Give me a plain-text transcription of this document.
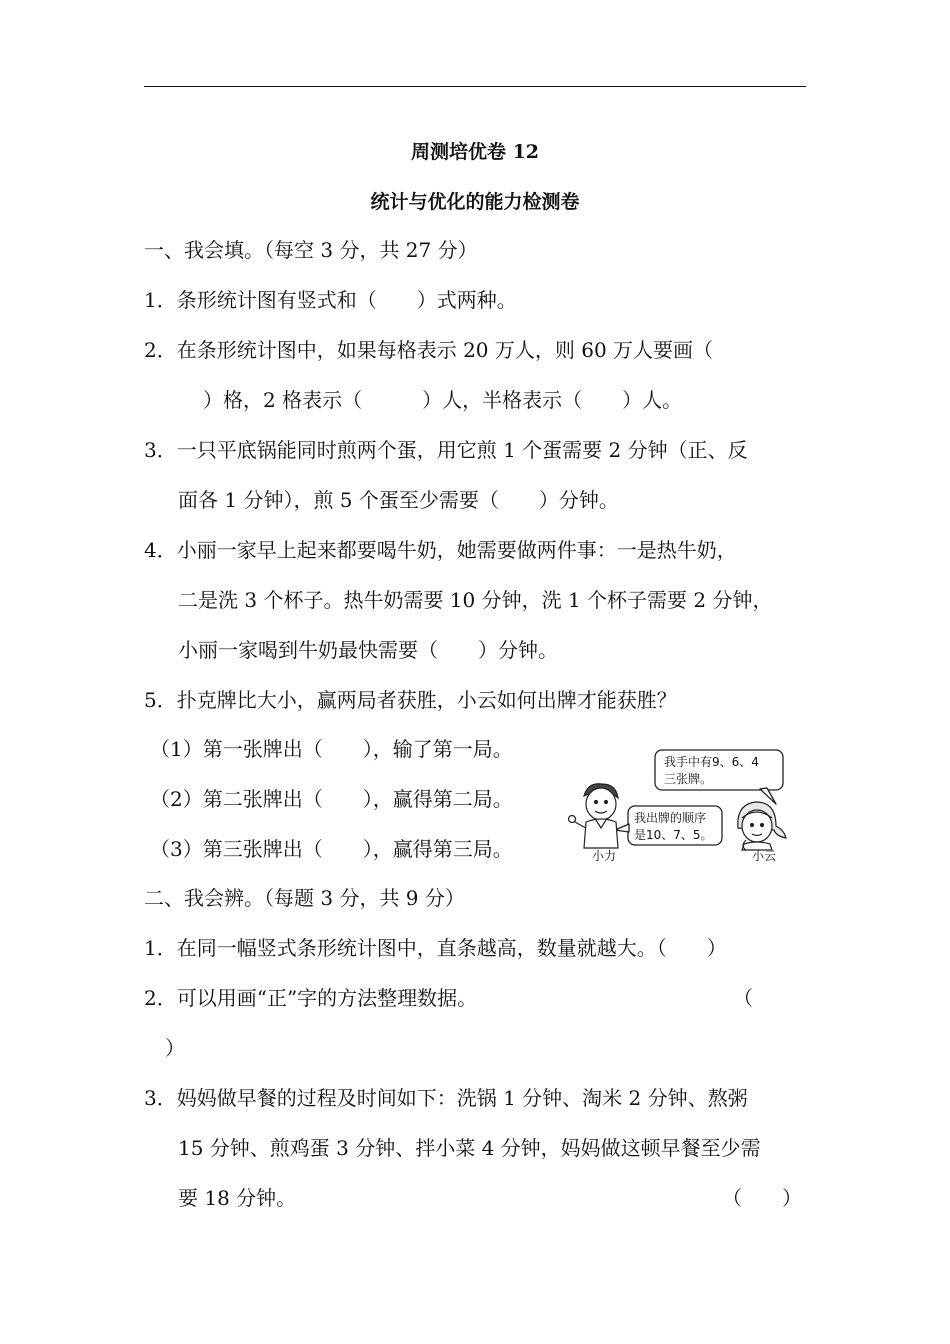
周测培优卷 12
统计与优化的能力检测卷
一、我会填。（每空 3 分，共 27 分）
1．条形统计图有竖式和（　　）式两种。
2．在条形统计图中，如果每格表示 20 万人，则 60 万人要画（
）格，2 格表示（　　　）人，半格表示（　　）人。
3．一只平底锅能同时煎两个蛋，用它煎 1 个蛋需要 2 分钟（正、反
面各 1 分钟），煎 5 个蛋至少需要（　　）分钟。
4．小丽一家早上起来都要喝牛奶，她需要做两件事：一是热牛奶，
二是洗 3 个杯子。热牛奶需要 10 分钟，洗 1 个杯子需要 2 分钟，
小丽一家喝到牛奶最快需要（　　）分钟。
5．扑克牌比大小，赢两局者获胜，小云如何出牌才能获胜？
（1）第一张牌出（　　），输了第一局。
（2）第二张牌出（　　），赢得第二局。
（3）第三张牌出（　　），赢得第三局。
我手中有9、6、4
三张牌。
我出牌的顺序
是10、7、5。
小力	小云
二、我会辨。（每题 3 分，共 9 分）
1．在同一幅竖式条形统计图中，直条越高，数量就越大。（　　）
2．可以用画“正”字的方法整理数据。	（
）
3．妈妈做早餐的过程及时间如下：洗锅 1 分钟、淘米 2 分钟、熬粥
15 分钟、煎鸡蛋 3 分钟、拌小菜 4 分钟，妈妈做这顿早餐至少需
要 18 分钟。	（　　）
